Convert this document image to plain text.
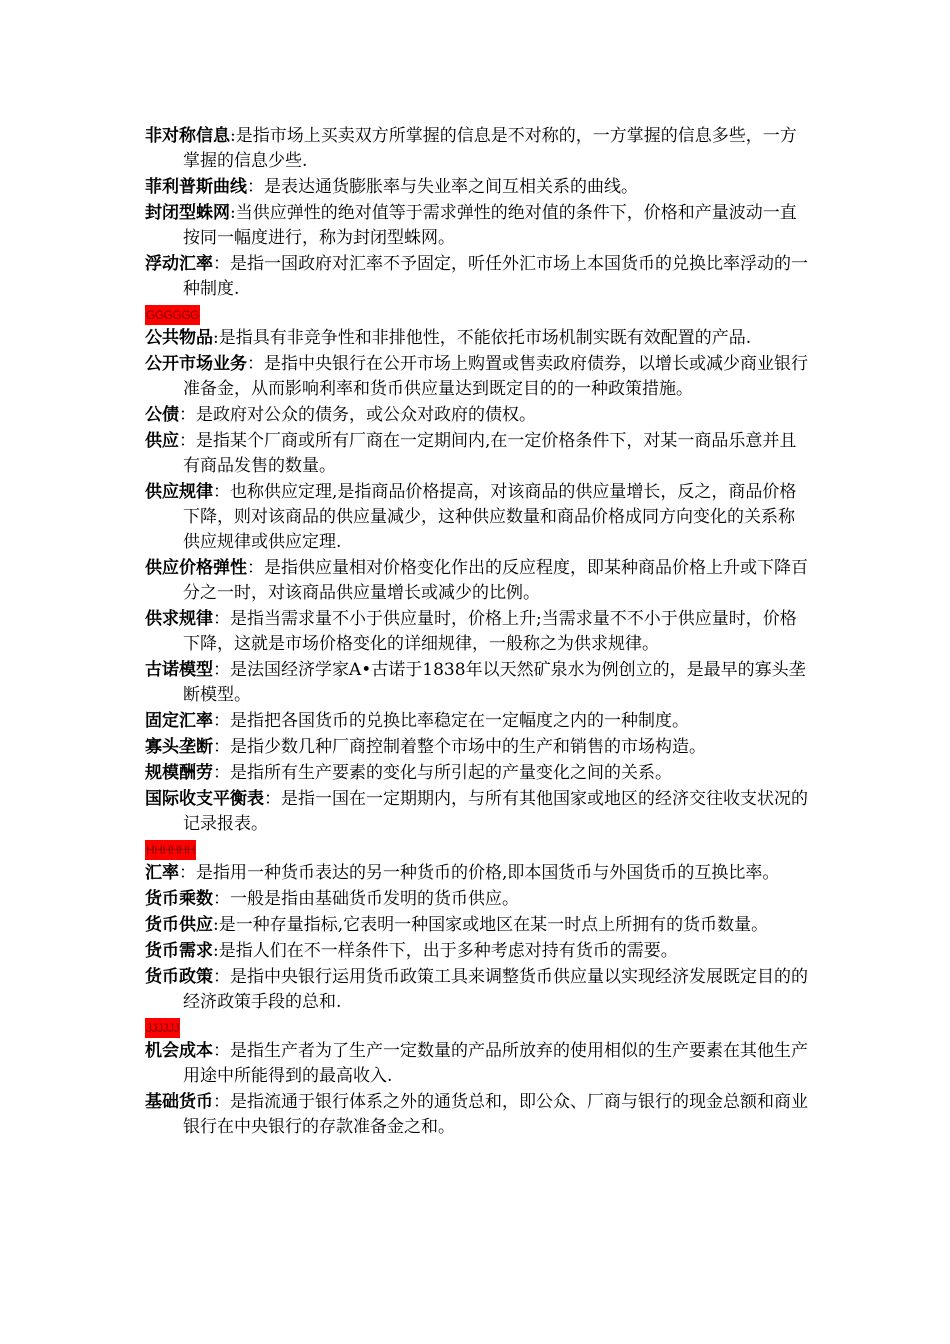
非对称信息:是指市场上买卖双方所掌握的信息是不对称的，一方掌握的信息多些，一方掌握的信息少些.
菲利普斯曲线：是表达通货膨胀率与失业率之间互相关系的曲线。
封闭型蛛网:当供应弹性的绝对值等于需求弹性的绝对值的条件下，价格和产量波动一直按同一幅度进行，称为封闭型蛛网。
浮动汇率：是指一国政府对汇率不予固定，听任外汇市场上本国货币的兑换比率浮动的一种制度.
GGGGGG
公共物品:是指具有非竞争性和非排他性，不能依托市场机制实既有效配置的产品.
公开市场业务：是指中央银行在公开市场上购置或售卖政府债券，以增长或减少商业银行准备金，从而影响利率和货币供应量达到既定目的的一种政策措施。
公债：是政府对公众的债务，或公众对政府的债权。
供应：是指某个厂商或所有厂商在一定期间内,在一定价格条件下，对某一商品乐意并且有商品发售的数量。
供应规律：也称供应定理,是指商品价格提高，对该商品的供应量增长，反之，商品价格下降，则对该商品的供应量减少，这种供应数量和商品价格成同方向变化的关系称供应规律或供应定理.
供应价格弹性：是指供应量相对价格变化作出的反应程度，即某种商品价格上升或下降百分之一时，对该商品供应量增长或减少的比例。
供求规律：是指当需求量不小于供应量时，价格上升;当需求量不不小于供应量时，价格下降，这就是市场价格变化的详细规律，一般称之为供求规律。
古诺模型：是法国经济学家A•古诺于1838年以天然矿泉水为例创立的，是最早的寡头垄断模型。
固定汇率：是指把各国货币的兑换比率稳定在一定幅度之内的一种制度。
寡头垄断：是指少数几种厂商控制着整个市场中的生产和销售的市场构造。
规模酬劳：是指所有生产要素的变化与所引起的产量变化之间的关系。
国际收支平衡表：是指一国在一定期期内，与所有其他国家或地区的经济交往收支状况的记录报表。
HHHHHH
汇率：是指用一种货币表达的另一种货币的价格,即本国货币与外国货币的互换比率。
货币乘数：一般是指由基础货币发明的货币供应。
货币供应:是一种存量指标,它表明一种国家或地区在某一时点上所拥有的货币数量。
货币需求:是指人们在不一样条件下，出于多种考虑对持有货币的需要。
货币政策：是指中央银行运用货币政策工具来调整货币供应量以实现经济发展既定目的的经济政策手段的总和.
JJJJJJ
机会成本：是指生产者为了生产一定数量的产品所放弃的使用相似的生产要素在其他生产用途中所能得到的最高收入.
基础货币：是指流通于银行体系之外的通货总和，即公众、厂商与银行的现金总额和商业银行在中央银行的存款准备金之和。
